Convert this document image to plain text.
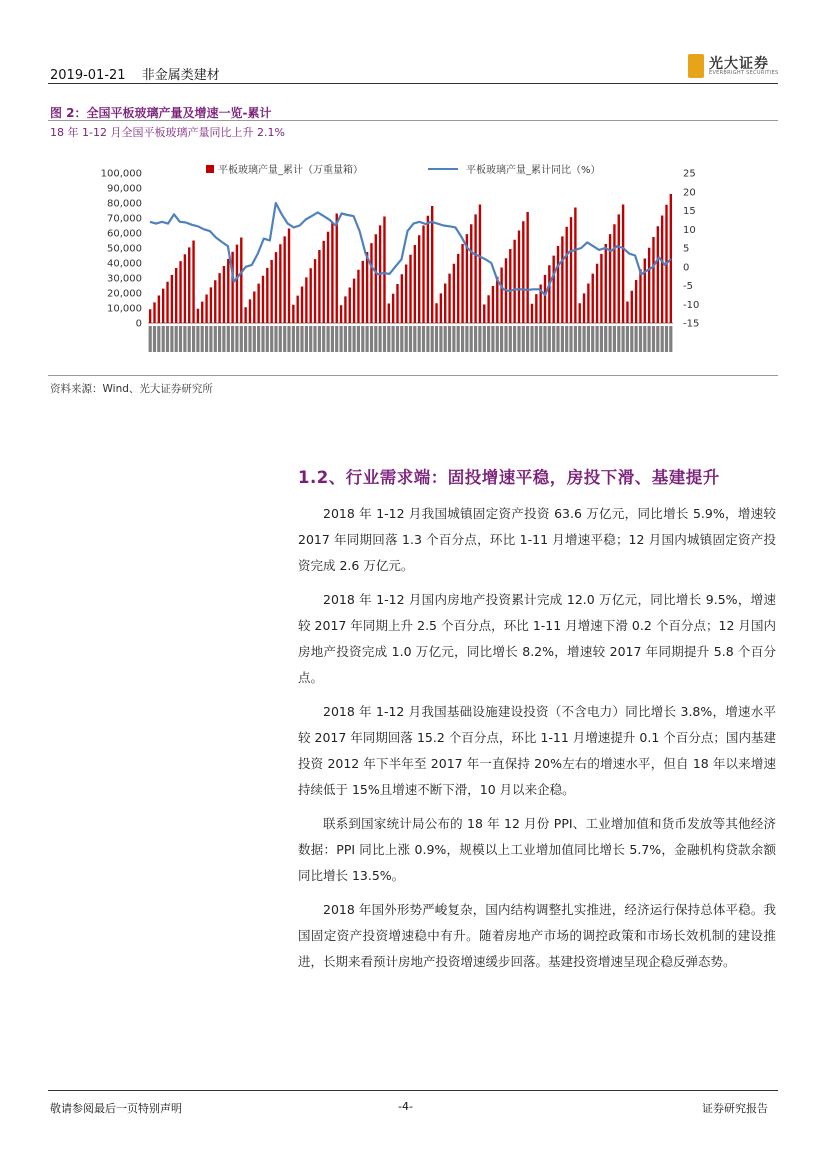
2019-01-21 非金属类建材
光大证券
EVERBRIGHT SECURITIES
图 2：全国平板玻璃产量及增速一览-累计
18 年 1-12 月全国平板玻璃产量同比上升 2.1%
平板玻璃产量_累计（万重量箱）	平板玻璃产量_累计同比（%）
0
10,000
20,000
30,000
40,000
50,000
60,000
70,000
80,000
90,000
100,000
-15
-10
-5
0
5
10
15
20
25
资料来源：Wind、光大证券研究所
1.2、行业需求端：固投增速平稳，房投下滑、基建提升

2018 年 1-12 月我国城镇固定资产投资 63.6 万亿元，同比增长 5.9%，增速较 2017 年同期回落 1.3 个百分点，环比 1-11 月增速平稳；12 月国内城镇固定资产投资完成 2.6 万亿元。

2018 年 1-12 月国内房地产投资累计完成 12.0 万亿元，同比增长 9.5%，增速较 2017 年同期上升 2.5 个百分点，环比 1-11 月增速下滑 0.2 个百分点；12 月国内房地产投资完成 1.0 万亿元，同比增长 8.2%，增速较 2017 年同期提升 5.8 个百分点。

2018 年 1-12 月我国基础设施建设投资（不含电力）同比增长 3.8%，增速水平较 2017 年同期回落 15.2 个百分点，环比 1-11 月增速提升 0.1 个百分点；国内基建投资 2012 年下半年至 2017 年一直保持 20%左右的增速水平，但自 18 年以来增速持续低于 15%且增速不断下滑，10 月以来企稳。

联系到国家统计局公布的 18 年 12 月份 PPI、工业增加值和货币发放等其他经济数据：PPI 同比上涨 0.9%，规模以上工业增加值同比增长 5.7%，金融机构贷款余额同比增长 13.5%。

2018 年国外形势严峻复杂，国内结构调整扎实推进，经济运行保持总体平稳。我国固定资产投资增速稳中有升。随着房地产市场的调控政策和市场长效机制的建设推进，长期来看预计房地产投资增速缓步回落。基建投资增速呈现企稳反弹态势。

敬请参阅最后一页特别声明	-4-	证券研究报告
